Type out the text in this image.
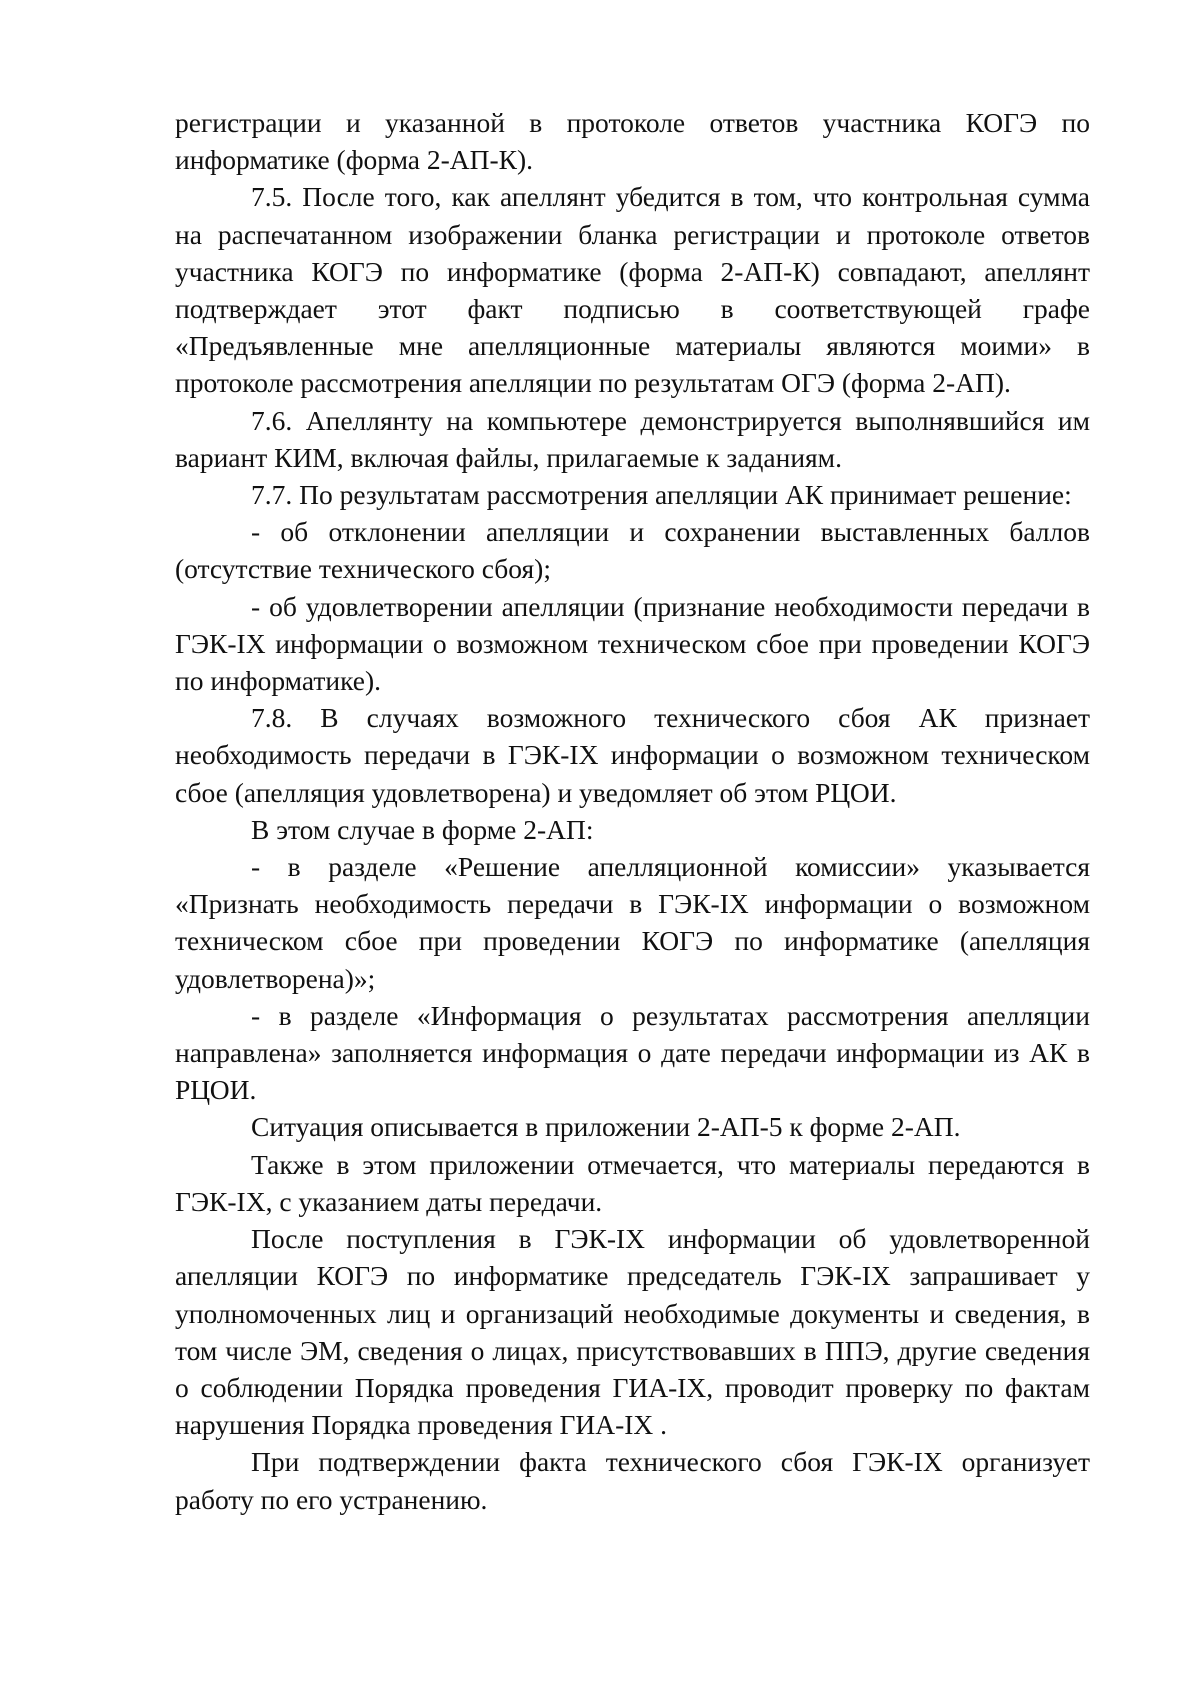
регистрации и указанной в протоколе ответов участника КОГЭ по информатике (форма 2-АП-К).

7.5. После того, как апеллянт убедится в том, что контрольная сумма на распечатанном изображении бланка регистрации и протоколе ответов участника КОГЭ по информатике (форма 2-АП-К) совпадают, апеллянт подтверждает этот факт подписью в соответствующей графе «Предъявленные мне апелляционные материалы являются моими» в протоколе рассмотрения апелляции по результатам ОГЭ (форма 2-АП).

7.6. Апеллянту на компьютере демонстрируется выполнявшийся им вариант КИМ, включая файлы, прилагаемые к заданиям.

7.7. По результатам рассмотрения апелляции АК принимает решение:

- об отклонении апелляции и сохранении выставленных баллов (отсутствие технического сбоя);

- об удовлетворении апелляции (признание необходимости передачи в ГЭК-IX информации о возможном техническом сбое при проведении КОГЭ по информатике).

7.8. В случаях возможного технического сбоя АК признает необходимость передачи в ГЭК-IX информации о возможном техническом сбое (апелляция удовлетворена) и уведомляет об этом РЦОИ.

В этом случае в форме 2-АП:

- в разделе «Решение апелляционной комиссии» указывается «Признать необходимость передачи в ГЭК-IX информации о возможном техническом сбое при проведении КОГЭ по информатике (апелляция удовлетворена)»;

- в разделе «Информация о результатах рассмотрения апелляции направлена» заполняется информация о дате передачи информации из АК в РЦОИ.

Ситуация описывается в приложении 2-АП-5 к форме 2-АП.

Также в этом приложении отмечается, что материалы передаются в ГЭК-IX, с указанием даты передачи.

После поступления в ГЭК-IX информации об удовлетворенной апелляции КОГЭ по информатике председатель ГЭК-IX запрашивает у уполномоченных лиц и организаций необходимые документы и сведения, в том числе ЭМ, сведения о лицах, присутствовавших в ППЭ, другие сведения о соблюдении Порядка проведения ГИА-IX, проводит проверку по фактам нарушения Порядка проведения ГИА-IX .

При подтверждении факта технического сбоя ГЭК-IX организует работу по его устранению.
